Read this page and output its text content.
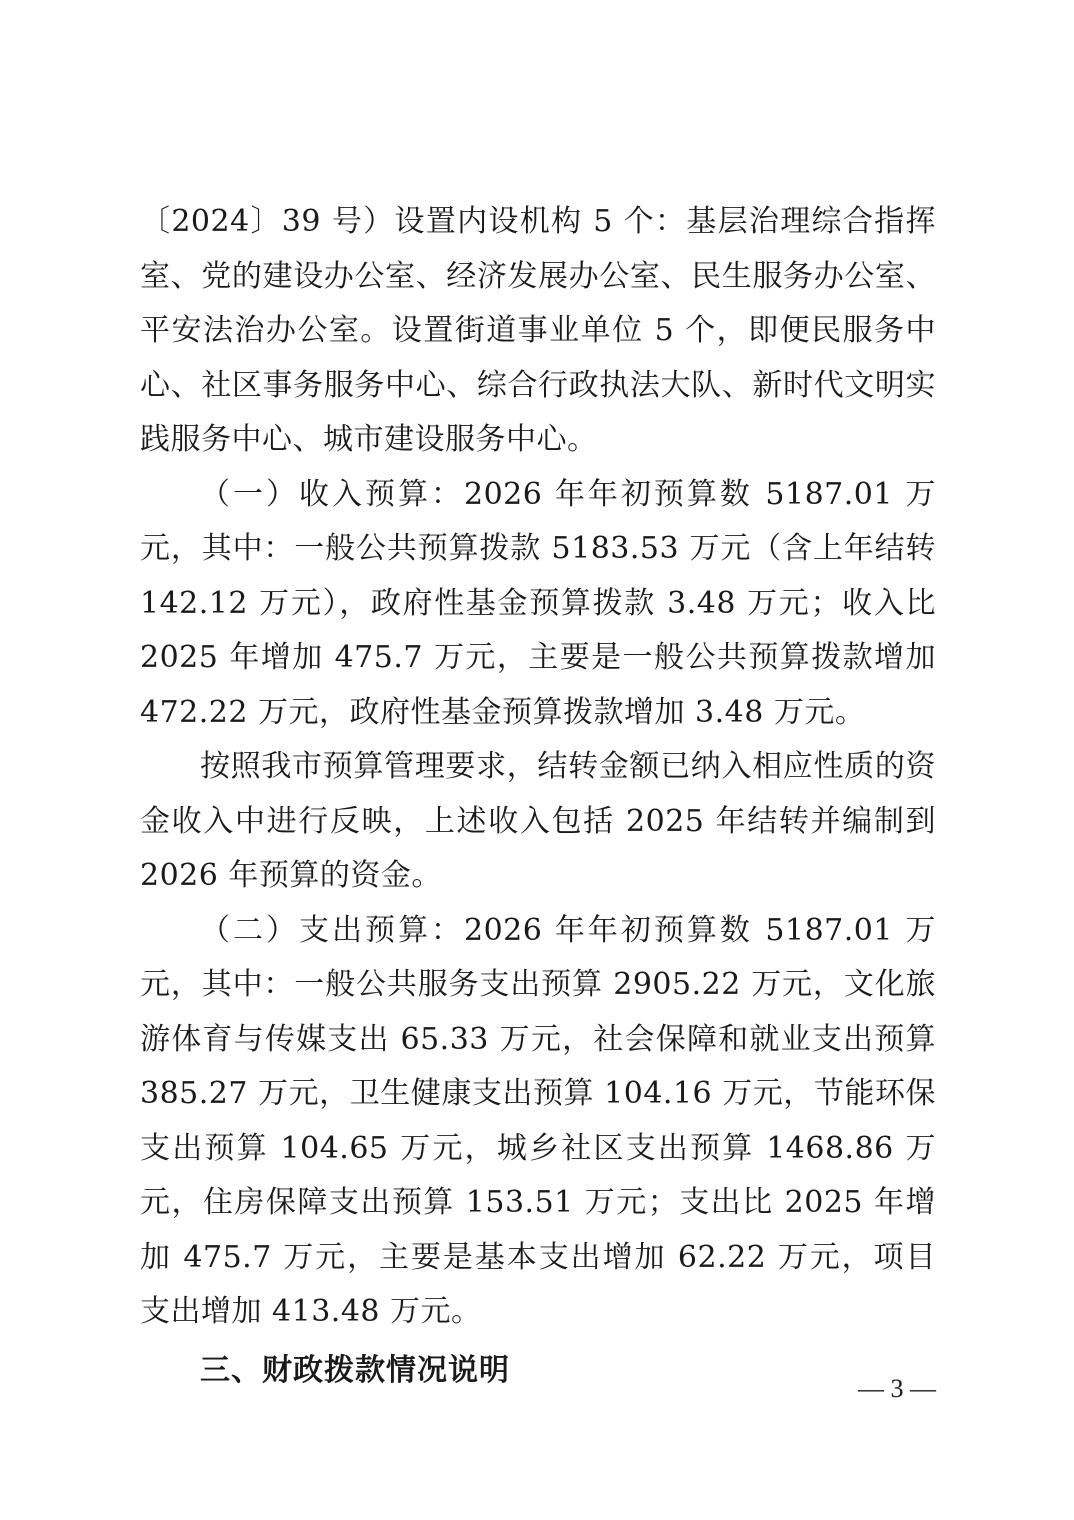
〔2024〕39 号）设置内设机构 5 个：基层治理综合指挥室、党的建设办公室、经济发展办公室、民生服务办公室、平安法治办公室。设置街道事业单位 5 个，即便民服务中心、社区事务服务中心、综合行政执法大队、新时代文明实践服务中心、城市建设服务中心。

（一）收入预算：2026 年年初预算数 5187.01 万元，其中：一般公共预算拨款 5183.53 万元（含上年结转 142.12 万元），政府性基金预算拨款 3.48 万元；收入比 2025 年增加 475.7 万元，主要是一般公共预算拨款增加 472.22 万元，政府性基金预算拨款增加 3.48 万元。

按照我市预算管理要求，结转金额已纳入相应性质的资金收入中进行反映，上述收入包括 2025 年结转并编制到 2026 年预算的资金。

（二）支出预算：2026 年年初预算数 5187.01 万元，其中：一般公共服务支出预算 2905.22 万元，文化旅游体育与传媒支出 65.33 万元，社会保障和就业支出预算 385.27 万元，卫生健康支出预算 104.16 万元，节能环保支出预算 104.65 万元，城乡社区支出预算 1468.86 万元，住房保障支出预算 153.51 万元；支出比 2025 年增加 475.7 万元，主要是基本支出增加 62.22 万元，项目支出增加 413.48 万元。

三、财政拨款情况说明

— 3 —
